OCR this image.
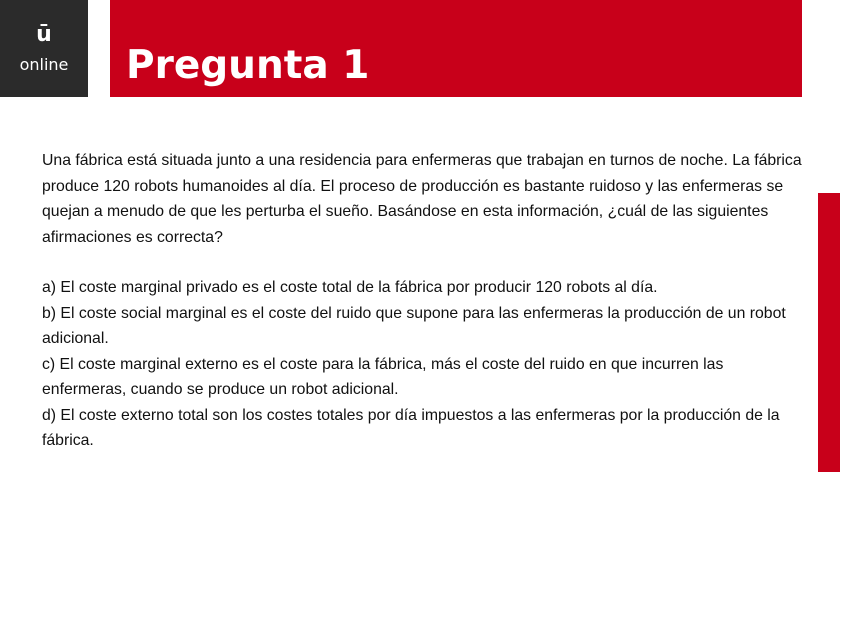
ū
online	Pregunta 1

Una fábrica está situada junto a una residencia para enfermeras que trabajan en turnos de noche. La fábrica produce 120 robots humanoides al día. El proceso de producción es bastante ruidoso y las enfermeras se quejan a menudo de que les perturba el sueño. Basándose en esta información, ¿cuál de las siguientes afirmaciones es correcta?

a) El coste marginal privado es el coste total de la fábrica por producir 120 robots al día.

b) El coste social marginal es el coste del ruido que supone para las enfermeras la producción de un robot adicional.

c) El coste marginal externo es el coste para la fábrica, más el coste del ruido en que incurren las enfermeras, cuando se produce un robot adicional.

d) El coste externo total son los costes totales por día impuestos a las enfermeras por la producción de la fábrica.
